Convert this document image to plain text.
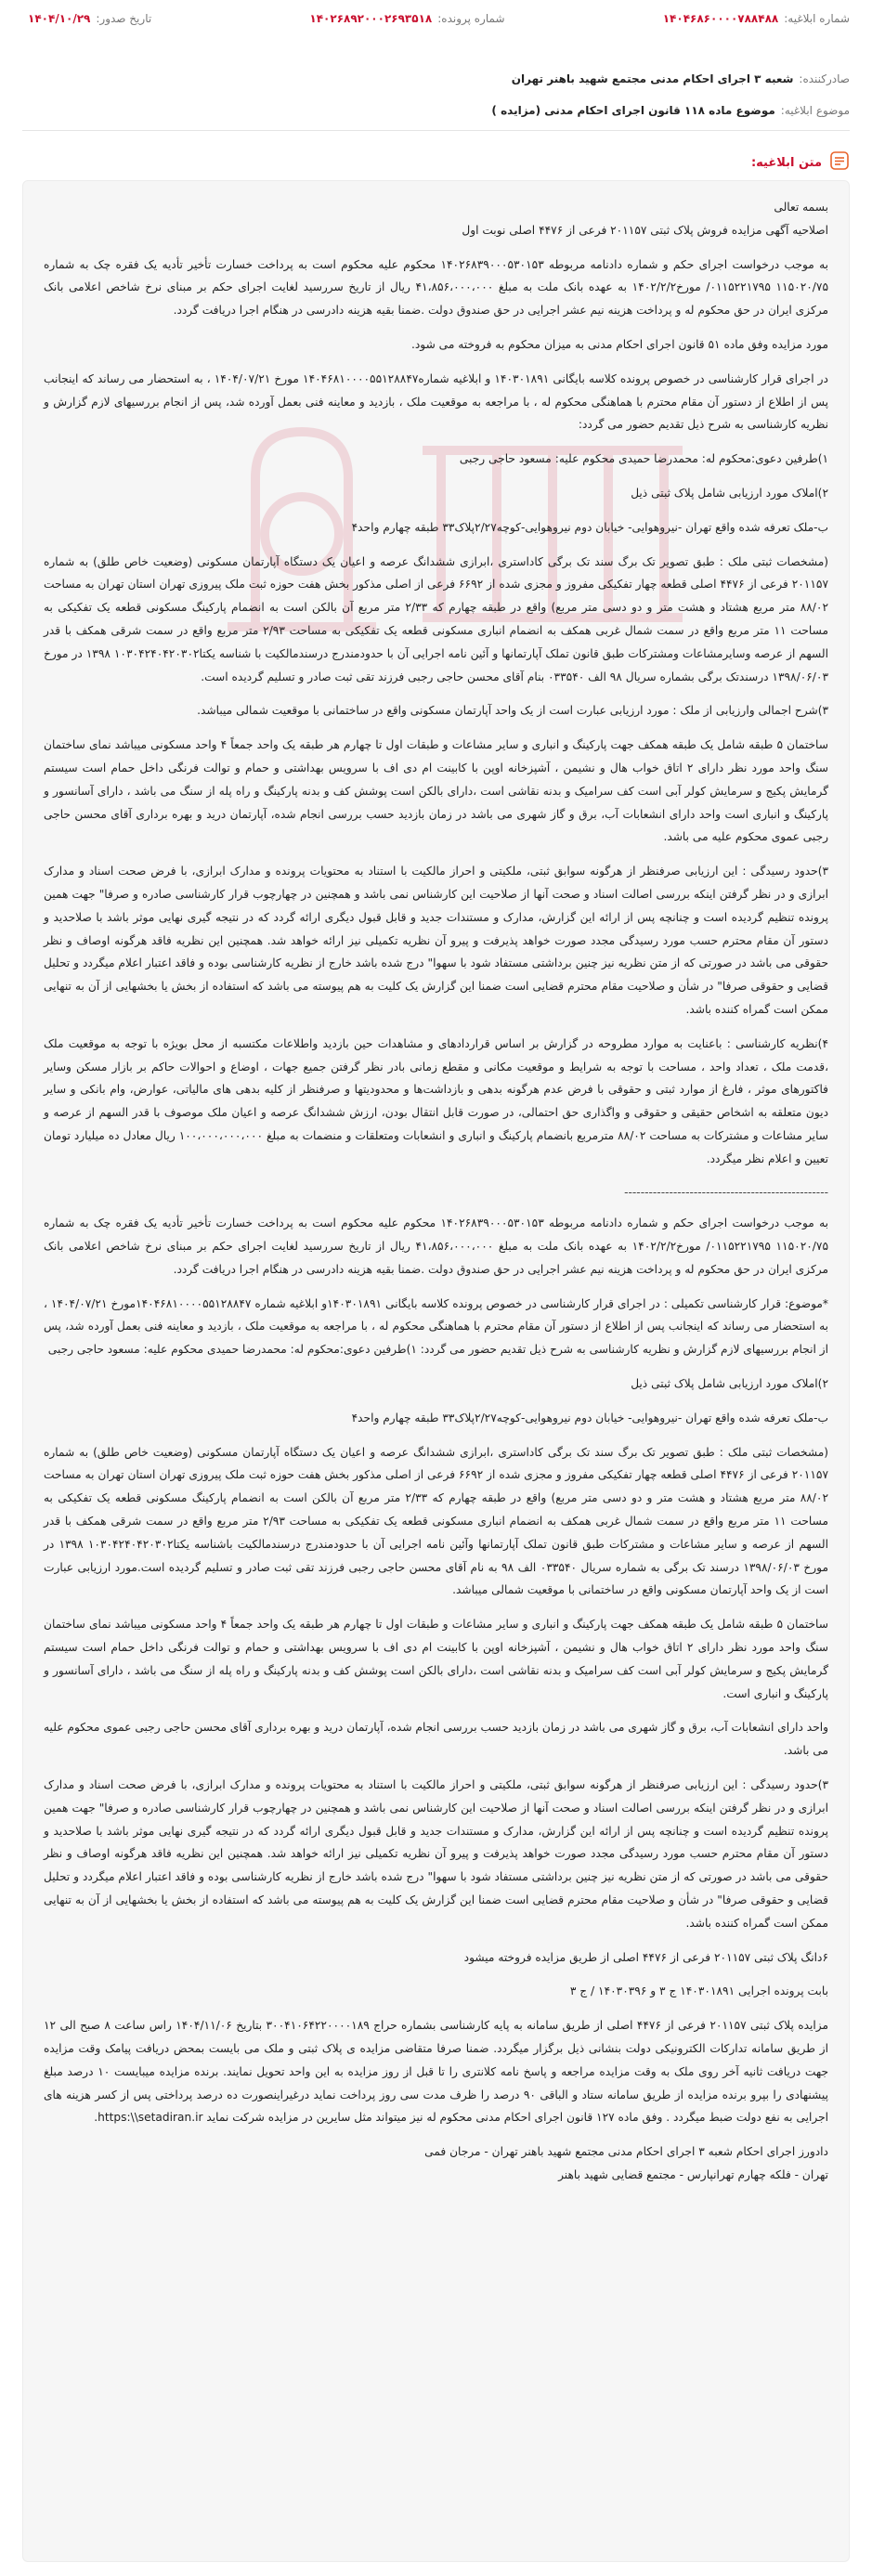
شماره ابلاغیه:
۱۴۰۴۶۸۶۰۰۰۰۷۸۸۴۸۸
شماره پرونده:
۱۴۰۲۶۸۹۲۰۰۰۲۶۹۳۵۱۸
تاریخ صدور:
۱۴۰۴/۱۰/۲۹
صادرکننده:
شعبه ۳ اجرای احکام مدنی مجتمع شهید باهنر تهران
موضوع ابلاغیه:
موضوع ماده ۱۱۸ قانون اجرای احکام مدنی (مزایده )
متن ابلاغیه:

بسمه تعالی

اصلاحیه آگهی مزایده فروش پلاک ثبتی ۲۰۱۱۵۷ فرعی از ۴۴۷۶ اصلی نوبت اول

به موجب درخواست اجرای حکم و شماره دادنامه مربوطه ۱۴۰۲۶۸۳۹۰۰۰۵۳۰۱۵۳ محکوم علیه محکوم است به پرداخت خسارت تأخیر تأدیه یک فقره چک به شماره ۱۱۵۰۲۰/۷۵ ۰۱۱۵۲۲۱۷۹۵/ مورخ۱۴۰۲/۲/۲ به عهده بانک ملت به مبلغ ۴۱،۸۵۶،۰۰۰،۰۰۰ ریال از تاریخ سررسید لغایت اجرای حکم بر مبنای نرخ شاخص اعلامی بانک مرکزی ایران در حق محکوم له و پرداخت هزینه نیم عشر اجرایی در حق صندوق دولت .ضمنا بقیه هزینه دادرسی در هنگام اجرا دریافت گردد.

مورد مزایده وفق ماده ۵۱ قانون اجرای احکام مدنی به میزان محکوم به فروخته می شود.

در اجرای قرار کارشناسی در خصوص پرونده کلاسه بایگانی ۱۴۰۳۰۱۸۹۱ و ابلاغیه شماره۱۴۰۴۶۸۱۰۰۰۰۵۵۱۲۸۸۴۷ مورخ ۱۴۰۴/۰۷/۲۱ ، به استحضار می رساند که اینجانب پس از اطلاع از دستور آن مقام محترم با هماهنگی محکوم له ، با مراجعه به موقعیت ملک ، بازدید و معاینه فنی بعمل آورده شد، پس از انجام بررسیهای لازم گزارش و نظریه کارشناسی به شرح ذیل تقدیم حضور می گردد:

۱)طرفین دعوی:محکوم له: محمدرضا حمیدی محکوم علیه: مسعود حاجی رجبی

۲)املاک مورد ارزیابی شامل پلاک ثبتی ذیل

ب-ملک تعرفه شده واقع تهران -نیروهوایی- خیابان دوم نیروهوایی-کوچه۲/۲۷پلاک۳۳ طبقه چهارم واحد۴

(مشخصات ثبتی ملک : طبق تصویر تک برگ سند تک برگی کاداستری ،ابرازی ششدانگ عرصه و اعیان یک دستگاه آپارتمان مسکونی (وضعیت خاص طلق) به شماره ۲۰۱۱۵۷ فرعی از ۴۴۷۶ اصلی قطعه چهار تفکیکی مفروز و مجزی شده از ۶۶۹۲ فرعی از اصلی مذکور بخش هفت حوزه ثبت ملک پیروزی تهران استان تهران به مساحت ۸۸/۰۲ متر مربع هشتاد و هشت متر و دو دسی متر مربع) واقع در طبقه چهارم که ۲/۳۳ متر مربع آن بالکن است به انضمام پارکینگ مسکونی قطعه یک تفکیکی به مساحت ۱۱ متر مربع واقع در سمت شمال غربی همکف به انضمام انباری مسکونی قطعه یک تفکیکی به مساحت ۲/۹۳ متر مربع واقع در سمت شرقی همکف با قدر السهم از عرصه وسایرمشاعات ومشترکات طبق قانون تملک آپارتمانها و آئین نامه اجرایی آن با حدودمندرج درسندمالکیت با شناسه یکتا۱۰۳۰۴۲۴۰۴۲۰۳۰۲ ۱۳۹۸ در مورخ ۱۳۹۸/۰۶/۰۳ درسندتک برگی بشماره سریال ۹۸ الف ۰۳۳۵۴۰ بنام آقای محسن حاجی رجبی فرزند تقی ثبت صادر و تسلیم گردیده است.

۳)شرح اجمالی وارزیابی از ملک : مورد ارزیابی عبارت است از یک واحد آپارتمان مسکونی واقع در ساختمانی با موقعیت شمالی میباشد.

ساختمان ۵ طبقه شامل یک طبقه همکف جهت پارکینگ و انباری و سایر مشاعات و طبقات اول تا چهارم هر طبقه یک واحد جمعاً ۴ واحد مسکونی میباشد نمای ساختمان سنگ واحد مورد نظر دارای ۲ اتاق خواب هال و نشیمن ، آشپزخانه اوپن با کابینت ام دی اف با سرویس بهداشتی و حمام و توالت فرنگی داخل حمام است سیستم گرمایش پکیج و سرمایش کولر آبی است کف سرامیک و بدنه نقاشی است ،دارای بالکن است پوشش کف و بدنه پارکینگ و راه پله از سنگ می باشد ، دارای آسانسور و پارکینگ و انباری است واحد دارای انشعابات آب، برق و گاز شهری می باشد در زمان بازدید حسب بررسی انجام شده، آپارتمان درید و بهره برداری آقای محسن حاجی رجبی عموی محکوم علیه می باشد.

۳)حدود رسیدگی : این ارزیابی صرفنظر از هرگونه سوابق ثبتی، ملکیتی و احراز مالکیت با استناد به محتویات پرونده و مدارک ابرازی، با فرض صحت اسناد و مدارک ابرازی و در نظر گرفتن اینکه بررسی اصالت اسناد و صحت آنها از صلاحیت این کارشناس نمی باشد و همچنین در چهارچوب قرار کارشناسی صادره و صرفا" جهت همین پرونده تنظیم گردیده است و چنانچه پس از ارائه این گزارش، مدارک و مستندات جدید و قابل قبول دیگری ارائه گردد که در نتیجه گیری نهایی موثر باشد با صلاحدید و دستور آن مقام محترم حسب مورد رسیدگی مجدد صورت خواهد پذیرفت و پیرو آن نظریه تکمیلی نیز ارائه خواهد شد. همچنین این نظریه فاقد هرگونه اوصاف و نظر حقوقی می باشد در صورتی که از متن نظریه نیز چنین برداشتی مستفاد شود با سهوا" درج شده باشد خارج از نظریه کارشناسی بوده و فاقد اعتبار اعلام میگردد و تحلیل قضایی و حقوقی صرفا" در شأن و صلاحیت مقام محترم قضایی است ضمنا این گزارش یک کلیت به هم پیوسته می باشد که استفاده از بخش یا بخشهایی از آن به تنهایی ممکن است گمراه کننده باشد.

۴)نظریه کارشناسی : باعنایت به موارد مطروحه در گزارش بر اساس قراردادهای و مشاهدات حین بازدید واطلاعات مکتسبه از محل بویژه با توجه به موقعیت ملک ،قدمت ملک ، تعداد واحد ، مساحت با توجه به شرایط و موقعیت مکانی و مقطع زمانی بادر نظر گرفتن جمیع جهات ، اوضاع و احوالات حاکم بر بازار مسکن وسایر فاکتورهای موثر ، فارغ از موارد ثبتی و حقوقی با فرض عدم هرگونه بدهی و بازداشت‌ها و محدودیتها و صرفنظر از کلیه بدهی های مالیاتی، عوارض، وام بانکی و سایر دیون متعلقه به اشخاص حقیقی و حقوقی و واگذاری حق احتمالی، در صورت قابل انتقال بودن، ارزش ششدانگ عرصه و اعیان ملک موصوف با قدر السهم از عرصه و سایر مشاعات و مشترکات به مساحت ۸۸/۰۲ مترمربع بانضمام پارکینگ و انباری و انشعابات ومتعلقات و منضمات به مبلغ ۱۰۰،۰۰۰،۰۰۰،۰۰۰ ریال معادل ده میلیارد تومان تعیین و اعلام نظر میگردد.

--------------------------------------------------

به موجب درخواست اجرای حکم و شماره دادنامه مربوطه ۱۴۰۲۶۸۳۹۰۰۰۵۳۰۱۵۳ محکوم علیه محکوم است به پرداخت خسارت تأخیر تأدیه یک فقره چک به شماره ۱۱۵۰۲۰/۷۵ ۰۱۱۵۲۲۱۷۹۵/ مورخ۱۴۰۲/۲/۲ به عهده بانک ملت به مبلغ ۴۱،۸۵۶،۰۰۰،۰۰۰ ریال از تاریخ سررسید لغایت اجرای حکم بر مبنای نرخ شاخص اعلامی بانک مرکزی ایران در حق محکوم له و پرداخت هزینه نیم عشر اجرایی در حق صندوق دولت .ضمنا بقیه هزینه دادرسی در هنگام اجرا دریافت گردد.

*موضوع: قرار کارشناسی تکمیلی : در اجرای قرار کارشناسی در خصوص پرونده کلاسه بایگانی ۱۴۰۳۰۱۸۹۱و ابلاغیه شماره ۱۴۰۴۶۸۱۰۰۰۰۵۵۱۲۸۸۴۷مورخ ۱۴۰۴/۰۷/۲۱ ، به استحضار می رساند که اینجانب پس از اطلاع از دستور آن مقام محترم با هماهنگی محکوم له ، با مراجعه به موقعیت ملک ، بازدید و معاینه فنی بعمل آورده شد، پس از انجام بررسیهای لازم گزارش و نظریه کارشناسی به شرح ذیل تقدیم حضور می گردد: ۱)طرفین دعوی:محکوم له: محمدرضا حمیدی محکوم علیه: مسعود حاجی رجبی

۲)املاک مورد ارزیابی شامل پلاک ثبتی ذیل

ب-ملک تعرفه شده واقع تهران -نیروهوایی- خیابان دوم نیروهوایی-کوچه۲/۲۷پلاک۳۳ طبقه چهارم واحد۴

(مشخصات ثبتی ملک : طبق تصویر تک برگ سند تک برگی کاداستری ،ابرازی ششدانگ عرصه و اعیان یک دستگاه آپارتمان مسکونی (وضعیت خاص طلق) به شماره ۲۰۱۱۵۷ فرعی از ۴۴۷۶ اصلی قطعه چهار تفکیکی مفروز و مجزی شده از ۶۶۹۲ فرعی از اصلی مذکور بخش هفت حوزه ثبت ملک پیروزی تهران استان تهران به مساحت ۸۸/۰۲ متر مربع هشتاد و هشت متر و دو دسی متر مربع) واقع در طبقه چهارم که ۲/۳۳ متر مربع آن بالکن است به انضمام پارکینگ مسکونی قطعه یک تفکیکی به مساحت ۱۱ متر مربع واقع در سمت شمال غربی همکف به انضمام انباری مسکونی قطعه یک تفکیکی به مساحت ۲/۹۳ متر مربع واقع در سمت شرقی همکف با قدر السهم از عرصه و سایر مشاعات و مشترکات طبق قانون تملک آپارتمانها وآئین نامه اجرایی آن با حدودمندرج درسندمالکیت باشناسه یکتا۱۰۳۰۴۲۴۰۴۲۰۳۰۲ ۱۳۹۸ در مورخ ۱۳۹۸/۰۶/۰۳ درسند تک برگی به شماره سریال ۰۳۳۵۴۰ الف ۹۸ به نام آقای محسن حاجی رجبی فرزند تقی ثبت صادر و تسلیم گردیده است.مورد ارزیابی عبارت است از یک واحد آپارتمان مسکونی واقع در ساختمانی با موقعیت شمالی میباشد.

ساختمان ۵ طبقه شامل یک طبقه همکف جهت پارکینگ و انباری و سایر مشاعات و طبقات اول تا چهارم هر طبقه یک واحد جمعاً ۴ واحد مسکونی میباشد نمای ساختمان سنگ واحد مورد نظر دارای ۲ اتاق خواب هال و نشیمن ، آشپزخانه اوپن با کابینت ام دی اف با سرویس بهداشتی و حمام و توالت فرنگی داخل حمام است سیستم گرمایش پکیج و سرمایش کولر آبی است کف سرامیک و بدنه نقاشی است ،دارای بالکن است پوشش کف و بدنه پارکینگ و راه پله از سنگ می باشد ، دارای آسانسور و پارکینگ و انباری است.

واحد دارای انشعابات آب، برق و گاز شهری می باشد در زمان بازدید حسب بررسی انجام شده، آپارتمان درید و بهره برداری آقای محسن حاجی رجبی عموی محکوم علیه می باشد.

۳)حدود رسیدگی : این ارزیابی صرفنظر از هرگونه سوابق ثبتی، ملکیتی و احراز مالکیت با استناد به محتویات پرونده و مدارک ابرازی، با فرض صحت اسناد و مدارک ابرازی و در نظر گرفتن اینکه بررسی اصالت اسناد و صحت آنها از صلاحیت این کارشناس نمی باشد و همچنین در چهارچوب قرار کارشناسی صادره و صرفا" جهت همین پرونده تنظیم گردیده است و چنانچه پس از ارائه این گزارش، مدارک و مستندات جدید و قابل قبول دیگری ارائه گردد که در نتیجه گیری نهایی موثر باشد با صلاحدید و دستور آن مقام محترم حسب مورد رسیدگی مجدد صورت خواهد پذیرفت و پیرو آن نظریه تکمیلی نیز ارائه خواهد شد. همچنین این نظریه فاقد هرگونه اوصاف و نظر حقوقی می باشد در صورتی که از متن نظریه نیز چنین برداشتی مستفاد شود با سهوا" درج شده باشد خارج از نظریه کارشناسی بوده و فاقد اعتبار اعلام میگردد و تحلیل قضایی و حقوقی صرفا" در شأن و صلاحیت مقام محترم قضایی است ضمنا این گزارش یک کلیت به هم پیوسته می باشد که استفاده از بخش یا بخشهایی از آن به تنهایی ممکن است گمراه کننده باشد.

۶دانگ پلاک ثبتی ۲۰۱۱۵۷ فرعی از ۴۴۷۶ اصلی از طریق مزایده فروخته میشود

بابت پرونده اجرایی ۱۴۰۳۰۱۸۹۱ ج ۳ و ۱۴۰۳۰۳۹۶ / ج ۳

مزایده پلاک ثبتی ۲۰۱۱۵۷ فرعی از ۴۴۷۶ اصلی از طریق سامانه به پایه کارشناسی بشماره حراج ۳۰۰۴۱۰۶۴۲۲۰۰۰۰۱۸۹ بتاریخ ۱۴۰۴/۱۱/۰۶ راس ساعت ۸ صبح الی ۱۲ از طریق سامانه تدارکات الکترونیکی دولت بنشانی ذیل برگزار میگردد. ضمنا صرفا متقاضی مزایده ی پلاک ثبتی و ملک می بایست بمحض دریافت پیامک وقت مزایده جهت دریافت ثانیه آخر روی ملک به وقت مزایده مراجعه و پاسخ نامه کلانتری را تا قبل از روز مزایده به این واحد تحویل نمایند. برنده مزایده میبایست ۱۰ درصد مبلغ پیشنهادی را بپرو برنده مزایده از طریق سامانه ستاد و الباقی ۹۰ درصد را ظرف مدت سی روز پرداخت نماید درغیراینصورت ده درصد پرداختی پس از کسر هزینه های اجرایی به نفع دولت ضبط میگردد . وفق ماده ۱۲۷ قانون اجرای احکام مدنی محکوم له نیز میتواند مثل سایرین در مزایده شرکت نماید https:\\setadiran.ir.

دادورز اجرای احکام شعبه ۳ اجرای احکام مدنی مجتمع شهید باهنر تهران - مرجان فمی

تهران - فلکه چهارم تهرانپارس - مجتمع قضایی شهید باهنر
